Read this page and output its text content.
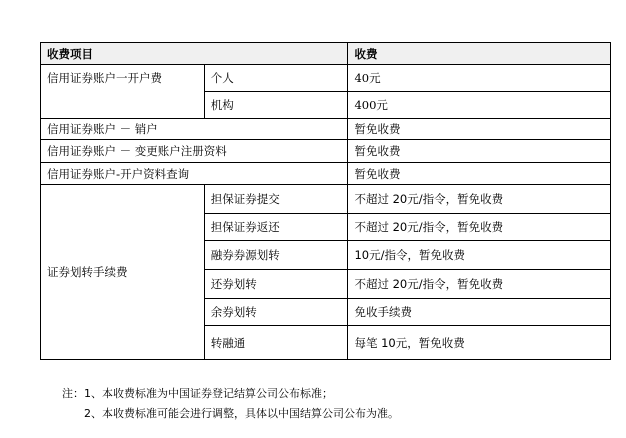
收费项目		收费
信用证券账户一开户费	个人	40元
	机构	400元
信用证券账户 － 销户		暂免收费
信用证券账户 － 变更账户注册资料		暂免收费
信用证券账户-开户资料查询		暂免收费
证券划转手续费	担保证券提交	不超过 20元/指令，暂免收费
	担保证券返还	不超过 20元/指令，暂免收费
	融券券源划转	10元/指令，暂免收费
	还券划转	不超过 20元/指令，暂免收费
	余券划转	免收手续费
	转融通	每笔 10元，暂免收费
注：1、本收费标准为中国证券登记结算公司公布标准；
2、本收费标准可能会进行调整，具体以中国结算公司公布为准。
